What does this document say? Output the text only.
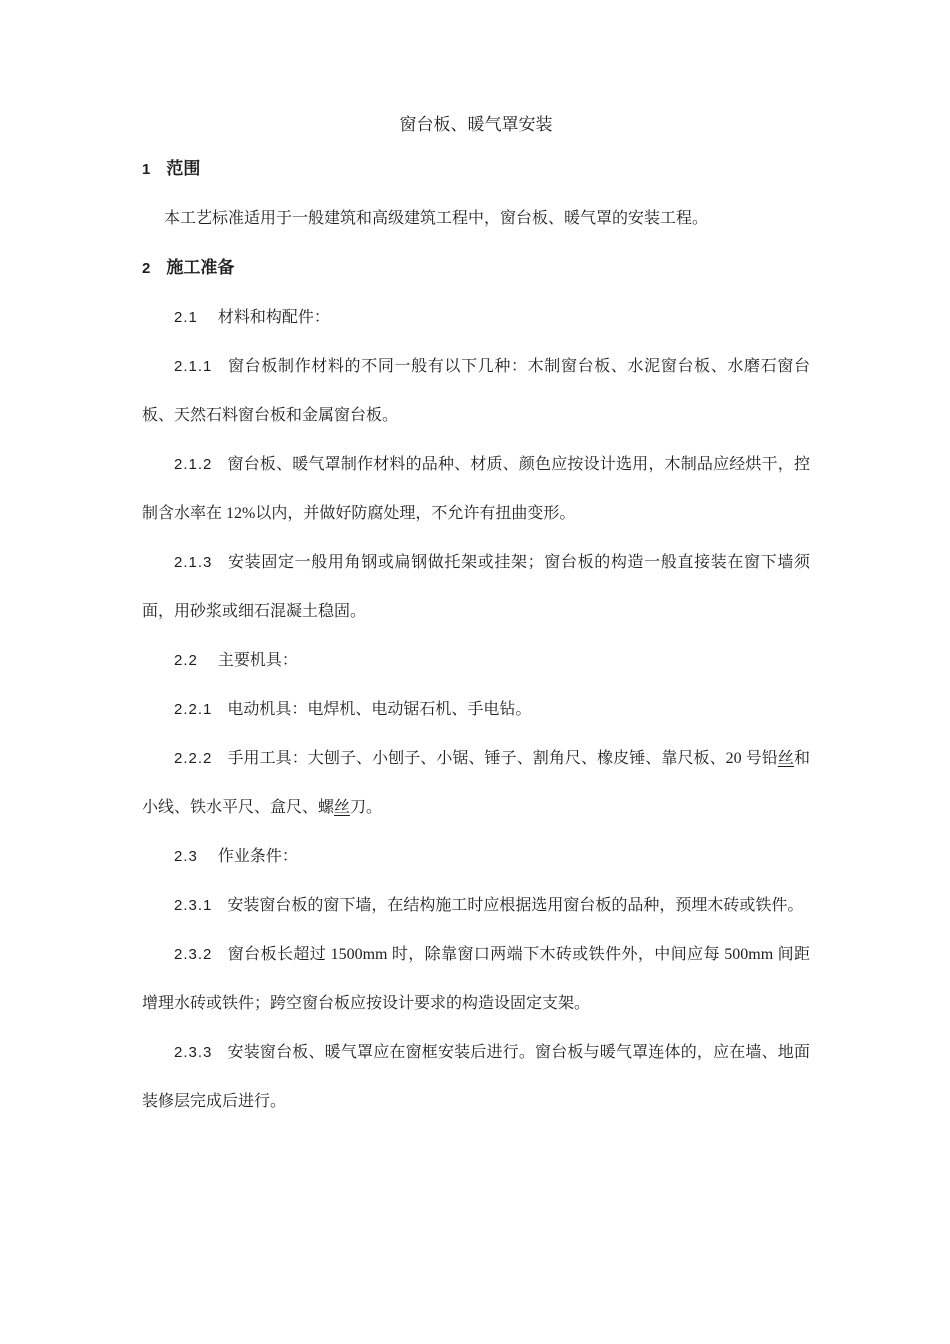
窗台板、暖气罩安装
1 范围
本工艺标准适用于一般建筑和高级建筑工程中，窗台板、暖气罩的安装工程。
2 施工准备
2.1 材料和构配件：
2.1.1 窗台板制作材料的不同一般有以下几种：木制窗台板、水泥窗台板、水磨石窗台板、天然石料窗台板和金属窗台板。
2.1.2 窗台板、暖气罩制作材料的品种、材质、颜色应按设计选用，木制品应经烘干，控制含水率在 12%以内，并做好防腐处理，不允许有扭曲变形。
2.1.3 安装固定一般用角钢或扁钢做托架或挂架；窗台板的构造一般直接装在窗下墙须面，用砂浆或细石混凝土稳固。
2.2 主要机具：
2.2.1 电动机具：电焊机、电动锯石机、手电钻。
2.2.2 手用工具：大刨子、小刨子、小锯、锤子、割角尺、橡皮锤、靠尺板、20 号铅丝和小线、铁水平尺、盒尺、螺丝刀。
2.3 作业条件：
2.3.1 安装窗台板的窗下墙，在结构施工时应根据选用窗台板的品种，预埋木砖或铁件。
2.3.2 窗台板长超过 1500mm 时，除靠窗口两端下木砖或铁件外，中间应每 500mm 间距增理水砖或铁件；跨空窗台板应按设计要求的构造设固定支架。
2.3.3 安装窗台板、暖气罩应在窗框安装后进行。窗台板与暖气罩连体的，应在墙、地面装修层完成后进行。
